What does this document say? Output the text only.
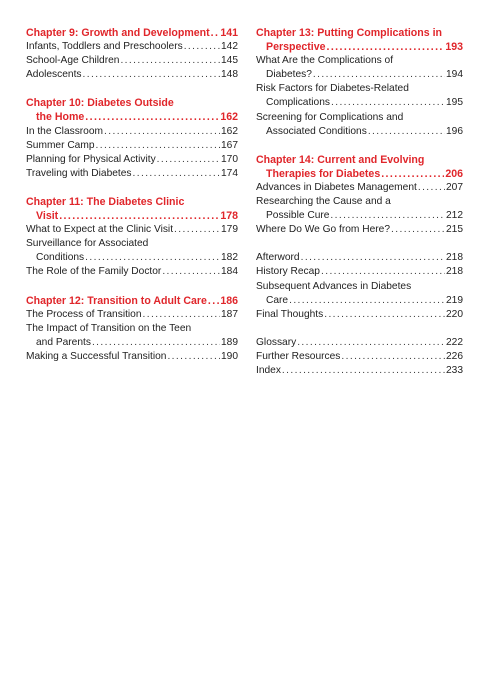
Chapter 9: Growth and Development ..... 141
Infants, Toddlers and Preschoolers .....	142
School-Age Children .....	145
Adolescents .....	148
Chapter 10: Diabetes Outside
the Home .....	162
In the Classroom .....	162
Summer Camp .....	167
Planning for Physical Activity .....	170
Traveling with Diabetes .....	174
Chapter 11: The Diabetes Clinic
Visit .....	178
What to Expect at the Clinic Visit .....	179
Surveillance for Associated
Conditions .....	182
The Role of the Family Doctor .....	184
Chapter 12: Transition to Adult Care ..... 186
The Process of Transition .....	187
The Impact of Transition on the Teen
and Parents .....	189
Making a Successful Transition .....	190
Chapter 13: Putting Complications in
Perspective .....	193
What Are the Complications of
Diabetes? .....	194
Risk Factors for Diabetes-Related
Complications .....	195
Screening for Complications and
Associated Conditions .....	196
Chapter 14: Current and Evolving
Therapies for Diabetes .....	206
Advances in Diabetes Management .....	207
Researching the Cause and a
Possible Cure .....	212
Where Do We Go from Here? .....	215
Afterword .....	218
History Recap .....	218
Subsequent Advances in Diabetes
Care .....	219
Final Thoughts .....	220
Glossary .....	222
Further Resources .....	226
Index .....	233
